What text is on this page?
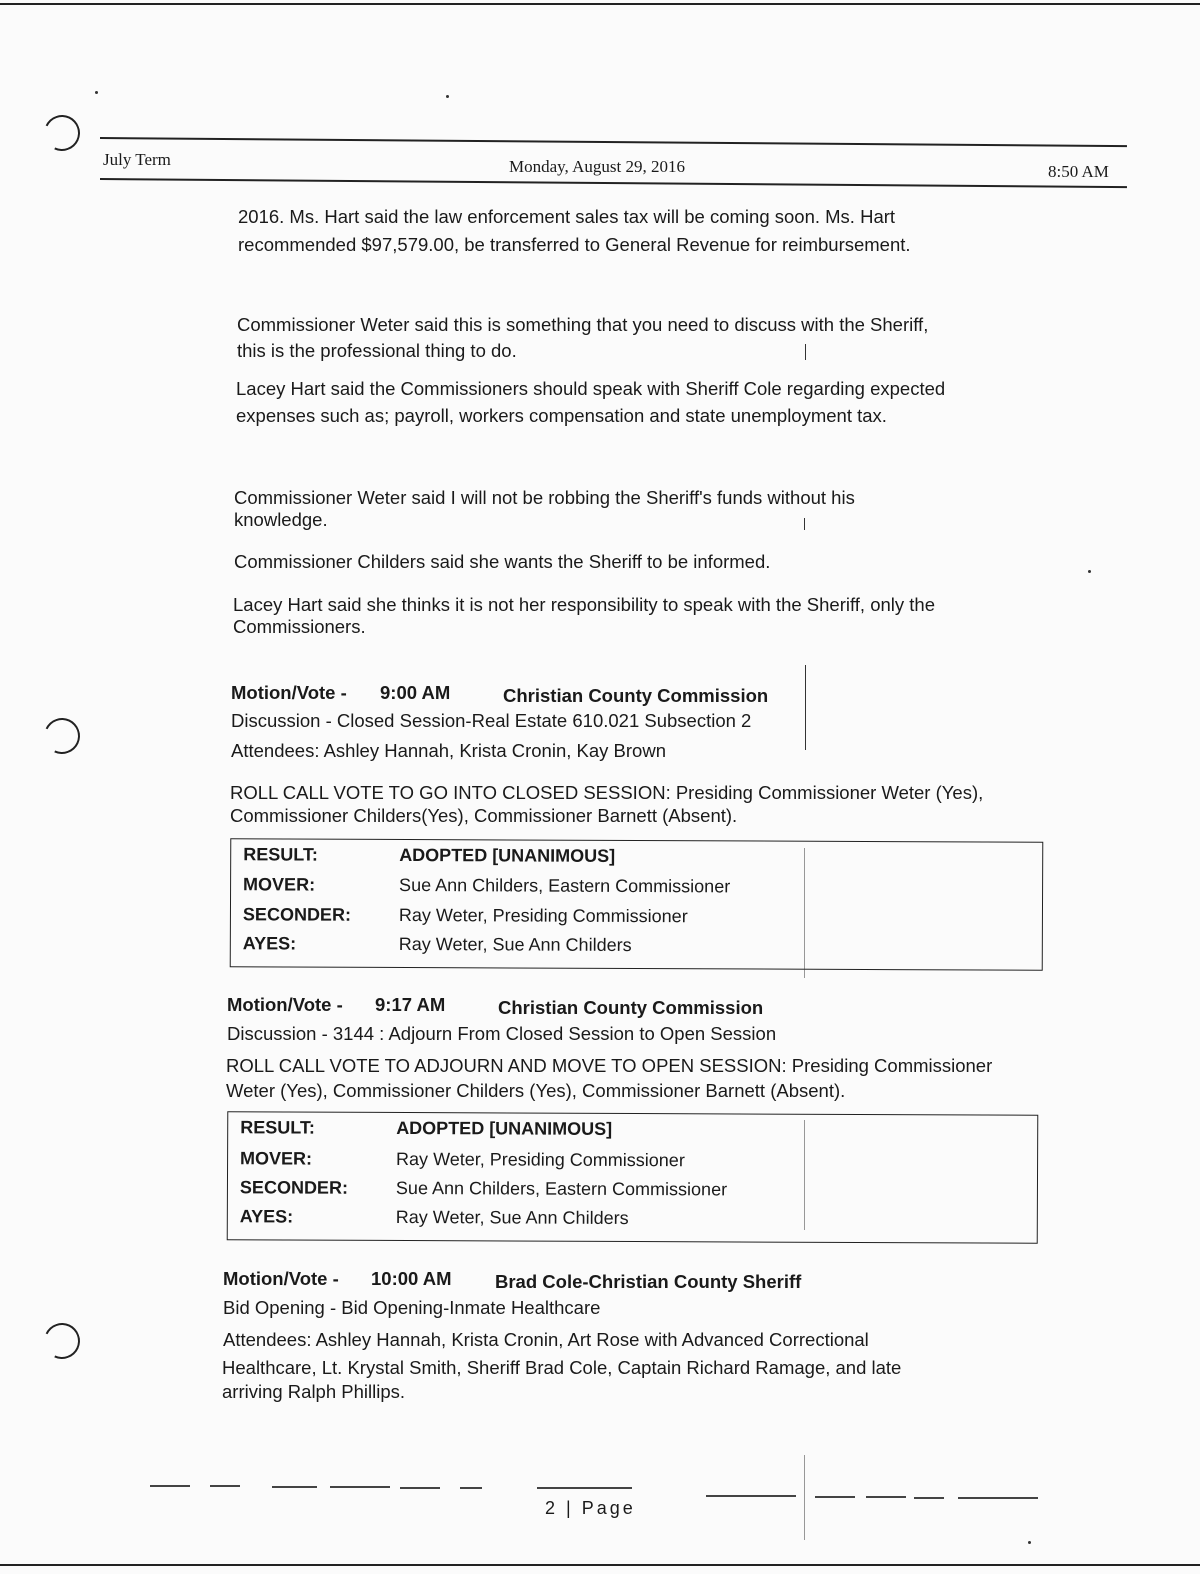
July Term	Monday, August 29, 2016	8:50 AM
2016. Ms. Hart said the law enforcement sales tax will be coming soon. Ms. Hart
recommended $97,579.00, be transferred to General Revenue for reimbursement.
Commissioner Weter said this is something that you need to discuss with the Sheriff,
this is the professional thing to do.
Lacey Hart said the Commissioners should speak with Sheriff Cole regarding expected
expenses such as; payroll, workers compensation and state unemployment tax.
Commissioner Weter said I will not be robbing the Sheriff's funds without his
knowledge.
Commissioner Childers said she wants the Sheriff to be informed.
Lacey Hart said she thinks it is not her responsibility to speak with the Sheriff, only the
Commissioners.
Motion/Vote - 9:00 AM	Christian County Commission
Discussion - Closed Session-Real Estate 610.021 Subsection 2
Attendees: Ashley Hannah, Krista Cronin, Kay Brown
ROLL CALL VOTE TO GO INTO CLOSED SESSION: Presiding Commissioner Weter (Yes),
Commissioner Childers(Yes), Commissioner Barnett (Absent).
RESULT:	ADOPTED [UNANIMOUS]
MOVER:	Sue Ann Childers, Eastern Commissioner
SECONDER:	Ray Weter, Presiding Commissioner
AYES:	Ray Weter, Sue Ann Childers
Motion/Vote - 9:17 AM	Christian County Commission
Discussion - 3144 : Adjourn From Closed Session to Open Session
ROLL CALL VOTE TO ADJOURN AND MOVE TO OPEN SESSION: Presiding Commissioner
Weter (Yes), Commissioner Childers (Yes), Commissioner Barnett (Absent).
RESULT:	ADOPTED [UNANIMOUS]
MOVER:	Ray Weter, Presiding Commissioner
SECONDER:	Sue Ann Childers, Eastern Commissioner
AYES:	Ray Weter, Sue Ann Childers
Motion/Vote - 10:00 AM Brad Cole-Christian County Sheriff
Bid Opening - Bid Opening-Inmate Healthcare
Attendees: Ashley Hannah, Krista Cronin, Art Rose with Advanced Correctional
Healthcare, Lt. Krystal Smith, Sheriff Brad Cole, Captain Richard Ramage, and late
arriving Ralph Phillips.
2 | Page
